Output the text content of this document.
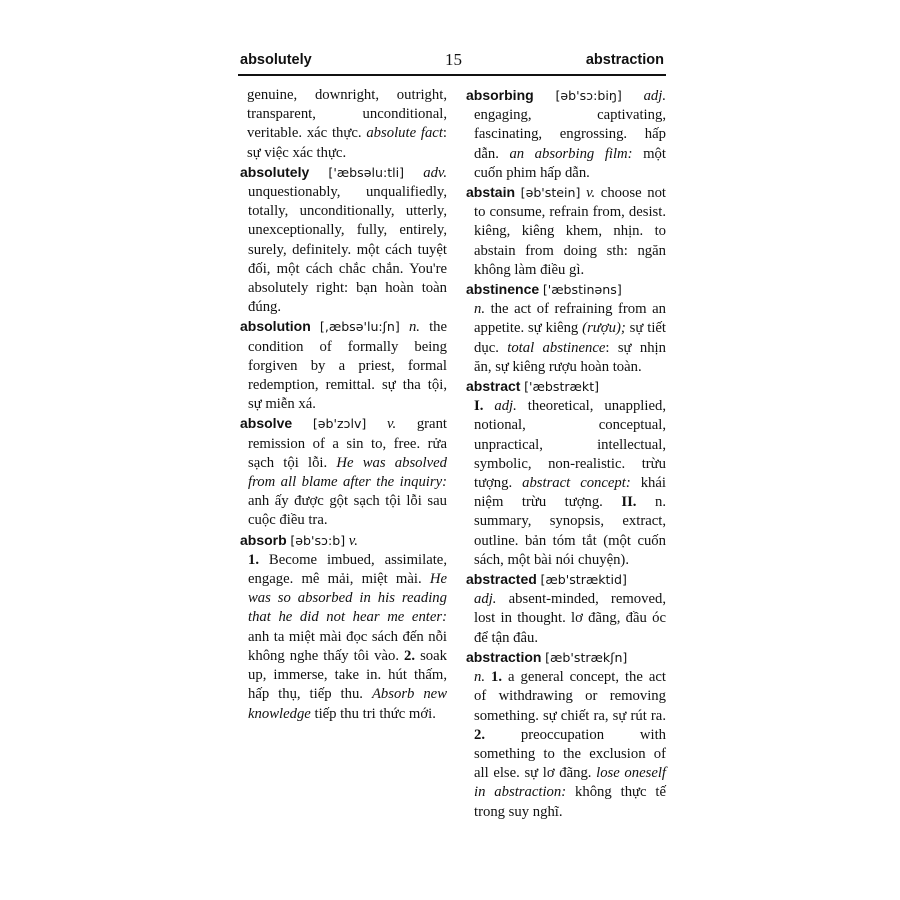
absolutely	15	abstraction

genuine, downright, outright, transparent, unconditional, veritable. xác thực. absolute fact: sự việc xác thực.

absolutely ['æbsəlu:tli] adv. unquestionably, unqualifiedly, totally, unconditionally, utterly, unexceptionally, fully, entirely, surely, definitely. một cách tuyệt đối, một cách chắc chắn. You're absolutely right: bạn hoàn toàn đúng.

absolution [,æbsə'lu:ʃn] n. the condition of formally being forgiven by a priest, formal redemption, remittal. sự tha tội, sự miễn xá.

absolve [əb'zɔlv] v. grant remission of a sin to, free. rửa sạch tội lỗi. He was absolved from all blame after the inquiry: anh ấy được gột sạch tội lỗi sau cuộc điều tra.

absorb [əb'sɔ:b] v.
1. Become imbued, assimilate, engage. mê mải, miệt mài. He was so absorbed in his reading that he did not hear me enter: anh ta miệt mài đọc sách đến nỗi không nghe thấy tôi vào. 2. soak up, immerse, take in. hút thấm, hấp thụ, tiếp thu. Absorb new knowledge tiếp thu tri thức mới.

absorbing [əb'sɔ:biŋ] adj. engaging, captivating, fascinating, engrossing. hấp dẫn. an absorbing film: một cuốn phim hấp dẫn.

abstain [əb'stein] v. choose not to consume, refrain from, desist. kiêng, kiêng khem, nhịn. to abstain from doing sth: ngăn không làm điều gì.

abstinence ['æbstinəns]
n. the act of refraining from an appetite. sự kiêng (rượu); sự tiết dục. total abstinence: sự nhịn ăn, sự kiêng rượu hoàn toàn.

abstract ['æbstrækt]
I. adj. theoretical, unapplied, notional, conceptual, unpractical, intellectual, symbolic, non-realistic. trừu tượng. abstract concept: khái niệm trừu tượng. II. n. summary, synopsis, extract, outline. bản tóm tắt (một cuốn sách, một bài nói chuyện).

abstracted [æb'stræktid]
adj. absent-minded, removed, lost in thought. lơ đãng, đầu óc để tận đâu.

abstraction [æb'strækʃn]
n. 1. a general concept, the act of withdrawing or removing something. sự chiết ra, sự rút ra. 2. preoccupation with something to the exclusion of all else. sự lơ đãng. lose oneself in abstraction: không thực tế trong suy nghĩ.
